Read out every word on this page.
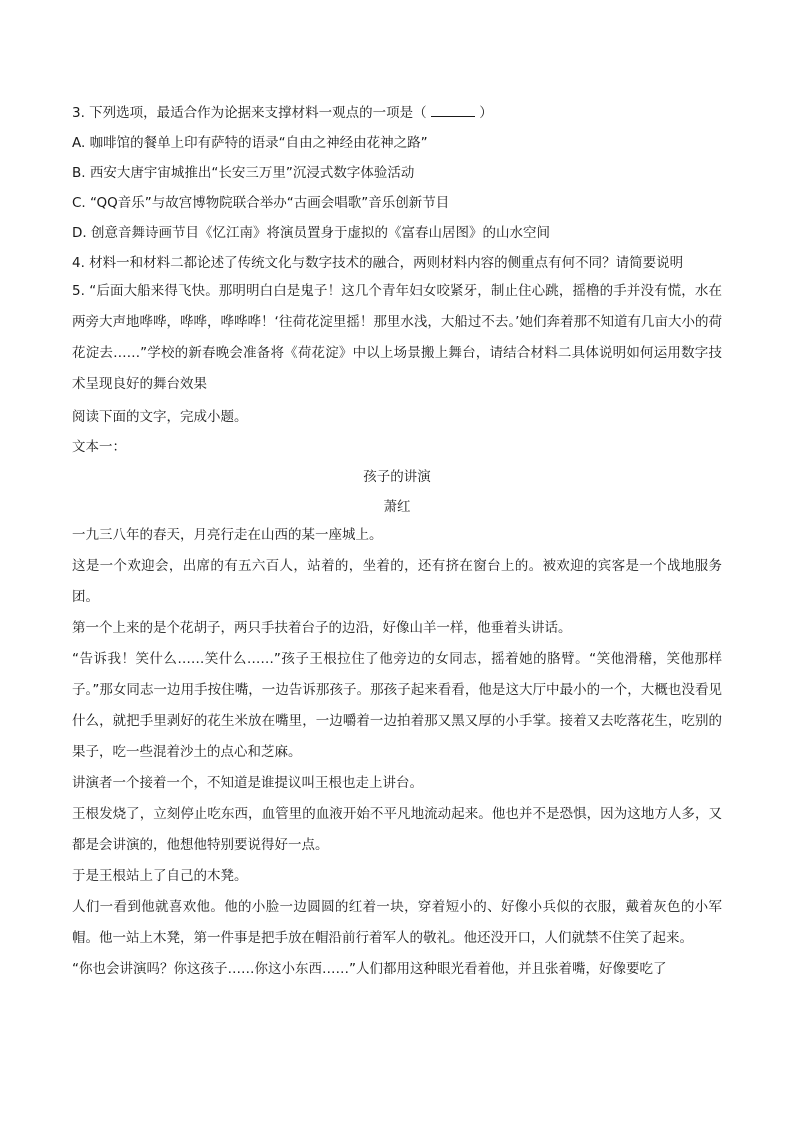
3. 下列选项，最适合作为论据来支撑材料一观点的一项是（	）
A. 咖啡馆的餐单上印有萨特的语录“自由之神经由花神之路”
B. 西安大唐宇宙城推出“长安三万里”沉浸式数字体验活动
C. “QQ音乐”与故宫博物院联合举办“古画会唱歌”音乐创新节目
D. 创意音舞诗画节目《忆江南》将演员置身于虚拟的《富春山居图》的山水空间
4. 材料一和材料二都论述了传统文化与数字技术的融合，两则材料内容的侧重点有何不同？请简要说明
5. “后面大船来得飞快。那明明白白是鬼子！这几个青年妇女咬紧牙，制止住心跳，摇橹的手并没有慌，水在两旁大声地哗哗，哗哗，哗哗哗！‘往荷花淀里摇！那里水浅，大船过不去。’她们奔着那不知道有几亩大小的荷花淀去……”学校的新春晚会准备将《荷花淀》中以上场景搬上舞台，请结合材料二具体说明如何运用数字技术呈现良好的舞台效果
阅读下面的文字，完成小题。
文本一：
孩子的讲演
萧红
一九三八年的春天，月亮行走在山西的某一座城上。
这是一个欢迎会，出席的有五六百人，站着的，坐着的，还有挤在窗台上的。被欢迎的宾客是一个战地服务团。
第一个上来的是个花胡子，两只手扶着台子的边沿，好像山羊一样，他垂着头讲话。
“告诉我！笑什么……笑什么……”孩子王根拉住了他旁边的女同志，摇着她的胳臂。“笑他滑稽，笑他那样子。”那女同志一边用手按住嘴，一边告诉那孩子。那孩子起来看看，他是这大厅中最小的一个，大概也没看见什么，就把手里剥好的花生米放在嘴里，一边嚼着一边拍着那又黑又厚的小手掌。接着又去吃落花生，吃别的果子，吃一些混着沙土的点心和芝麻。
讲演者一个接着一个，不知道是谁提议叫王根也走上讲台。
王根发烧了，立刻停止吃东西，血管里的血液开始不平凡地流动起来。他也并不是恐惧，因为这地方人多，又都是会讲演的，他想他特别要说得好一点。
于是王根站上了自己的木凳。
人们一看到他就喜欢他。他的小脸一边圆圆的红着一块，穿着短小的、好像小兵似的衣服，戴着灰色的小军帽。他一站上木凳，第一件事是把手放在帽沿前行着军人的敬礼。他还没开口，人们就禁不住笑了起来。
“你也会讲演吗？你这孩子……你这小东西……”人们都用这种眼光看着他，并且张着嘴，好像要吃了
